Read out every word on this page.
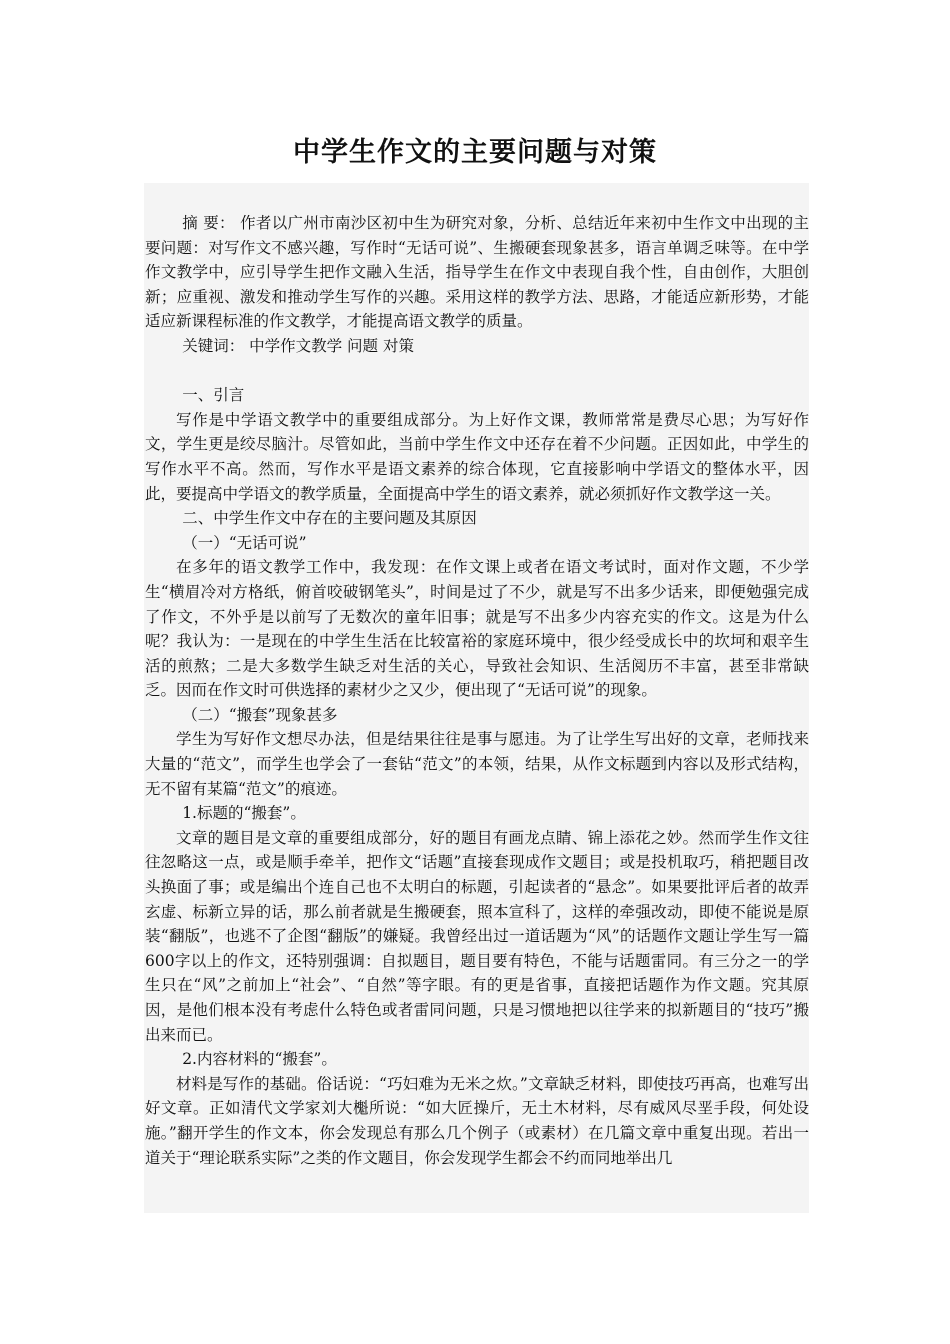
中学生作文的主要问题与对策

摘 要： 作者以广州市南沙区初中生为研究对象，分析、总结近年来初中生作文中出现的主要问题：对写作文不感兴趣，写作时“无话可说”、生搬硬套现象甚多，语言单调乏味等。在中学作文教学中，应引导学生把作文融入生活，指导学生在作文中表现自我个性，自由创作，大胆创新；应重视、激发和推动学生写作的兴趣。采用这样的教学方法、思路，才能适应新形势，才能适应新课程标准的作文教学，才能提高语文教学的质量。

关键词： 中学作文教学 问题 对策

一、引言

写作是中学语文教学中的重要组成部分。为上好作文课，教师常常是费尽心思；为写好作文，学生更是绞尽脑汁。尽管如此，当前中学生作文中还存在着不少问题。正因如此，中学生的写作水平不高。然而，写作水平是语文素养的综合体现，它直接影响中学语文的整体水平，因此，要提高中学语文的教学质量，全面提高中学生的语文素养，就必须抓好作文教学这一关。

二、中学生作文中存在的主要问题及其原因

（一）“无话可说”

在多年的语文教学工作中，我发现：在作文课上或者在语文考试时，面对作文题，不少学生“横眉冷对方格纸，俯首咬破钢笔头”，时间是过了不少，就是写不出多少话来，即便勉强完成了作文，不外乎是以前写了无数次的童年旧事；就是写不出多少内容充实的作文。这是为什么呢？我认为：一是现在的中学生生活在比较富裕的家庭环境中，很少经受成长中的坎坷和艰辛生活的煎熬；二是大多数学生缺乏对生活的关心，导致社会知识、生活阅历不丰富，甚至非常缺乏。因而在作文时可供选择的素材少之又少，便出现了“无话可说”的现象。

（二）“搬套”现象甚多

学生为写好作文想尽办法，但是结果往往是事与愿违。为了让学生写出好的文章，老师找来大量的“范文”，而学生也学会了一套钻“范文”的本领，结果，从作文标题到内容以及形式结构，无不留有某篇“范文”的痕迹。

1.标题的“搬套”。

文章的题目是文章的重要组成部分，好的题目有画龙点睛、锦上添花之妙。然而学生作文往往忽略这一点，或是顺手牵羊，把作文“话题”直接套现成作文题目；或是投机取巧，稍把题目改头换面了事；或是编出个连自己也不太明白的标题，引起读者的“悬念”。如果要批评后者的故弄玄虚、标新立异的话，那么前者就是生搬硬套，照本宣科了，这样的牵强改动，即使不能说是原装“翻版”，也逃不了企图“翻版”的嫌疑。我曾经出过一道话题为“风”的话题作文题让学生写一篇600字以上的作文，还特别强调：自拟题目，题目要有特色，不能与话题雷同。有三分之一的学生只在“风”之前加上“社会”、“自然”等字眼。有的更是省事，直接把话题作为作文题。究其原因，是他们根本没有考虑什么特色或者雷同问题，只是习惯地把以往学来的拟新题目的“技巧”搬出来而已。

2.内容材料的“搬套”。

材料是写作的基础。俗话说：“巧妇难为无米之炊。”文章缺乏材料，即使技巧再高，也难写出好文章。正如清代文学家刘大櫆所说：“如大匠操斤，无土木材料，尽有威风尽垩手段，何处设施。”翻开学生的作文本，你会发现总有那么几个例子（或素材）在几篇文章中重复出现。若出一道关于“理论联系实际”之类的作文题目，你会发现学生都会不约而同地举出几
